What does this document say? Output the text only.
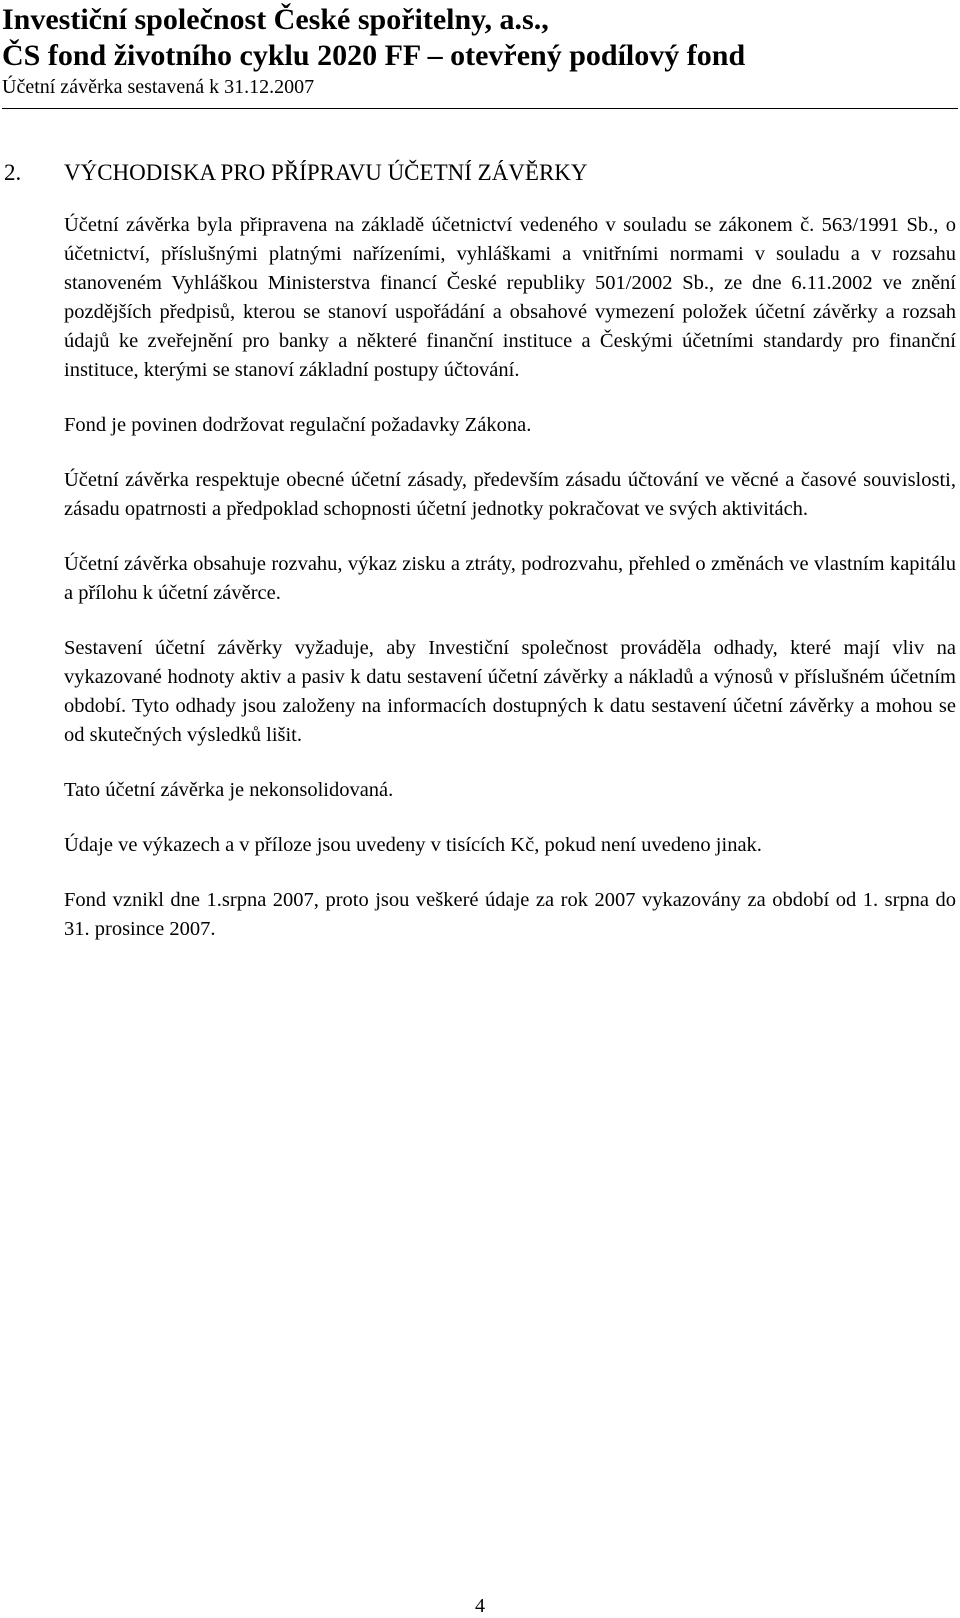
Investiční společnost České spořitelny, a.s.,
ČS fond životního cyklu 2020 FF – otevřený podílový fond
Účetní závěrka sestavená k 31.12.2007
2. VÝCHODISKA PRO PŘÍPRAVU ÚČETNÍ ZÁVĚRKY

Účetní závěrka byla připravena na základě účetnictví vedeného v souladu se zákonem č. 563/1991 Sb., o účetnictví, příslušnými platnými nařízeními, vyhláškami a vnitřními normami v souladu a v rozsahu stanoveném Vyhláškou Ministerstva financí České republiky 501/2002 Sb., ze dne 6.11.2002 ve znění pozdějších předpisů, kterou se stanoví uspořádání a obsahové vymezení položek účetní závěrky a rozsah údajů ke zveřejnění pro banky a některé finanční instituce a Českými účetními standardy pro finanční instituce, kterými se stanoví základní postupy účtování.

Fond je povinen dodržovat regulační požadavky Zákona.

Účetní závěrka respektuje obecné účetní zásady, především zásadu účtování ve věcné a časové souvislosti, zásadu opatrnosti a předpoklad schopnosti účetní jednotky pokračovat ve svých aktivitách.

Účetní závěrka obsahuje rozvahu, výkaz zisku a ztráty, podrozvahu, přehled o změnách ve vlastním kapitálu a přílohu k účetní závěrce.

Sestavení účetní závěrky vyžaduje, aby Investiční společnost prováděla odhady, které mají vliv na vykazované hodnoty aktiv a pasiv k datu sestavení účetní závěrky a nákladů a výnosů v příslušném účetním období. Tyto odhady jsou založeny na informacích dostupných k datu sestavení účetní závěrky a mohou se od skutečných výsledků lišit.

Tato účetní závěrka je nekonsolidovaná.

Údaje ve výkazech a v příloze jsou uvedeny v tisících Kč, pokud není uvedeno jinak.

Fond vznikl dne 1.srpna 2007, proto jsou veškeré údaje za rok 2007 vykazovány za období od 1. srpna do 31. prosince 2007.

4
